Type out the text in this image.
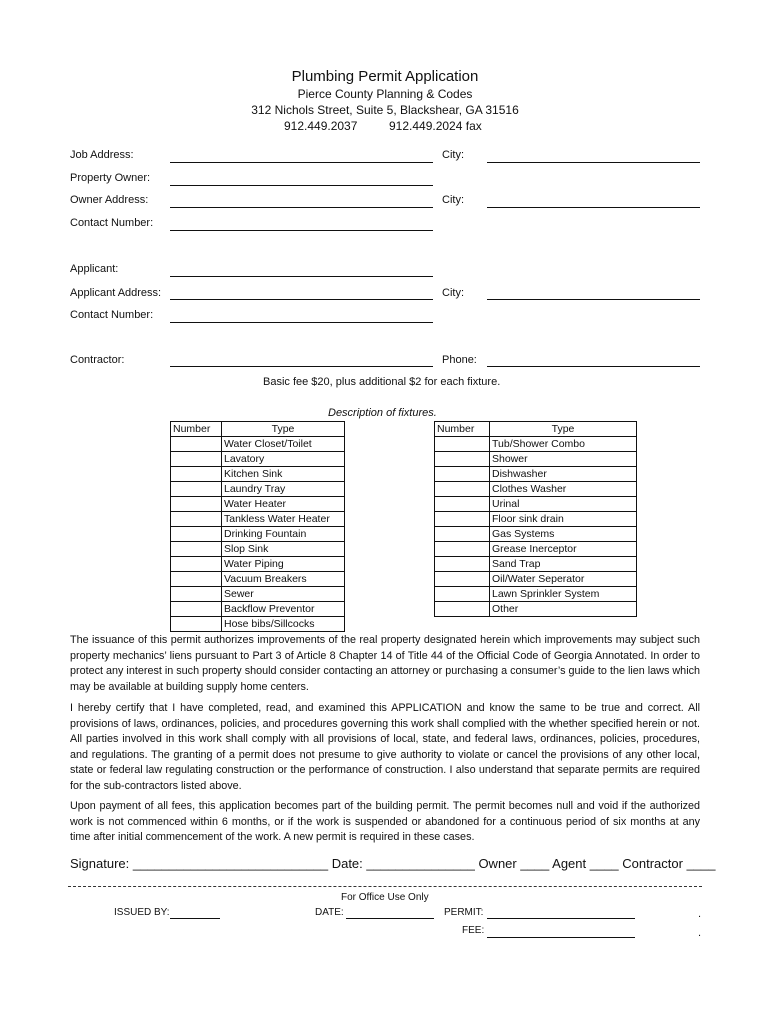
Plumbing Permit Application
Pierce County Planning & Codes
312 Nichols Street, Suite 5, Blackshear, GA 31516
912.449.2037	912.449.2024 fax
Job Address:	City:
Property Owner:
Owner Address:	City:
Contact Number:
Applicant:
Applicant Address:	City:
Contact Number:
Contractor:	Phone:
Basic fee $20, plus additional $2 for each fixture.
Description of fixtures.
Number	Type
	Water Closet/Toilet
	Lavatory
	Kitchen Sink
	Laundry Tray
	Water Heater
	Tankless Water Heater
	Drinking Fountain
	Slop Sink
	Water Piping
	Vacuum Breakers
	Sewer
	Backflow Preventor
	Hose bibs/Sillcocks
Number	Type
	Tub/Shower Combo
	Shower
	Dishwasher
	Clothes Washer
	Urinal
	Floor sink drain
	Gas Systems
	Grease Inerceptor
	Sand Trap
	Oil/Water Seperator
	Lawn Sprinkler System
	Other
The issuance of this permit authorizes improvements of the real property designated herein which improvements may subject such property mechanics’ liens pursuant to Part 3 of Article 8 Chapter 14 of Title 44 of the Official Code of Georgia Annotated. In order to protect any interest in such property should consider contacting an attorney or purchasing a consumer’s guide to the lien laws which may be available at building supply home centers.
I hereby certify that I have completed, read, and examined this APPLICATION and know the same to be true and correct. All provisions of laws, ordinances, policies, and procedures governing this work shall complied with the whether specified herein or not. All parties involved in this work shall comply with all provisions of local, state, and federal laws, ordinances, policies, procedures, and regulations. The granting of a permit does not presume to give authority to violate or cancel the provisions of any other local, state or federal law regulating construction or the performance of construction. I also understand that separate permits are required for the sub-contractors listed above.
Upon payment of all fees, this application becomes part of the building permit. The permit becomes null and void if the authorized work is not commenced within 6 months, or if the work is suspended or abandoned for a continuous period of six months at any time after initial commencement of the work. A new permit is required in these cases.
Signature: ___________________________ Date: _______________ Owner ____ Agent ____ Contractor ____
For Office Use Only
ISSUED BY:	DATE:	PERMIT:	.
FEE:	.
